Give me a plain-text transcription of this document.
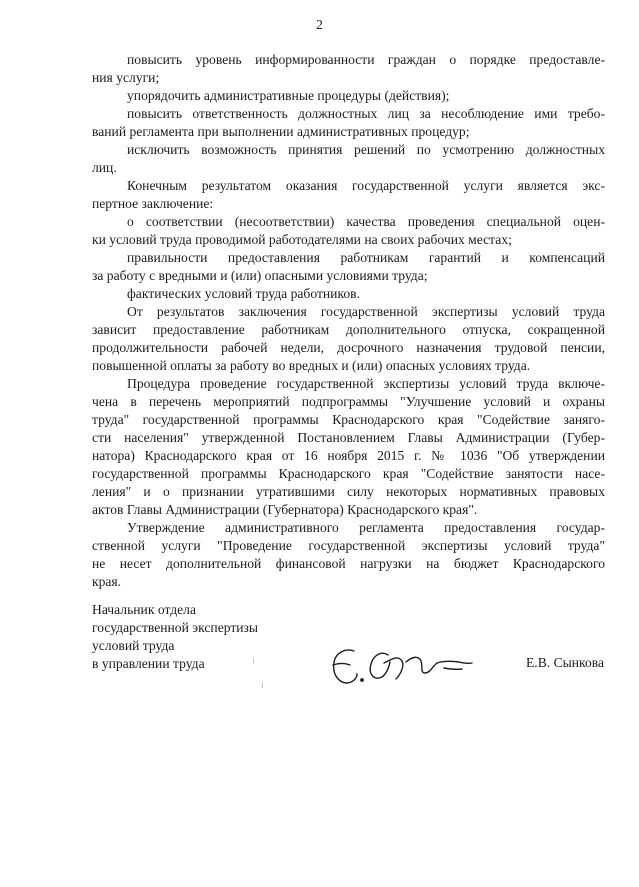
2
повысить уровень информированности граждан о порядке предоставле-
ния услуги;
упорядочить административные процедуры (действия);
повысить ответственность должностных лиц за несоблюдение ими требо-
ваний регламента при выполнении административных процедур;
исключить возможность принятия решений по усмотрению должностных
лиц.
Конечным результатом оказания государственной услуги является экс-
пертное заключение:
о соответствии (несоответствии) качества проведения специальной оцен-
ки условий труда проводимой работодателями на своих рабочих местах;
правильности предоставления работникам гарантий и компенсаций
за работу с вредными и (или) опасными условиями труда;
фактических условий труда работников.
От результатов заключения государственной экспертизы условий труда
зависит предоставление работникам дополнительного отпуска, сокращенной
продолжительности рабочей недели, досрочного назначения трудовой пенсии,
повышенной оплаты за работу во вредных и (или) опасных условиях труда.
Процедура проведение государственной экспертизы условий труда включе-
чена в перечень мероприятий подпрограммы "Улучшение условий и охраны
труда" государственной программы Краснодарского края "Содействие заняго-
сти населения" утвержденной Постановлением Главы Администрации (Губер-
натора) Краснодарского края от 16 ноября 2015 г. № 1036 "Об утверждении
государственной программы Краснодарского края "Содействие занятости насе-
ления" и о признании утратившими силу некоторых нормативных правовых
актов Главы Администрации (Губернатора) Краснодарского края".
Утверждение административного регламента предоставления государ-
ственной услуги "Проведение государственной экспертизы условий труда"
не несет дополнительной финансовой нагрузки на бюджет Краснодарского
края.
Начальник отдела
государственной экспертизы
условий труда
в управлении труда	Е.В. Сынкова
